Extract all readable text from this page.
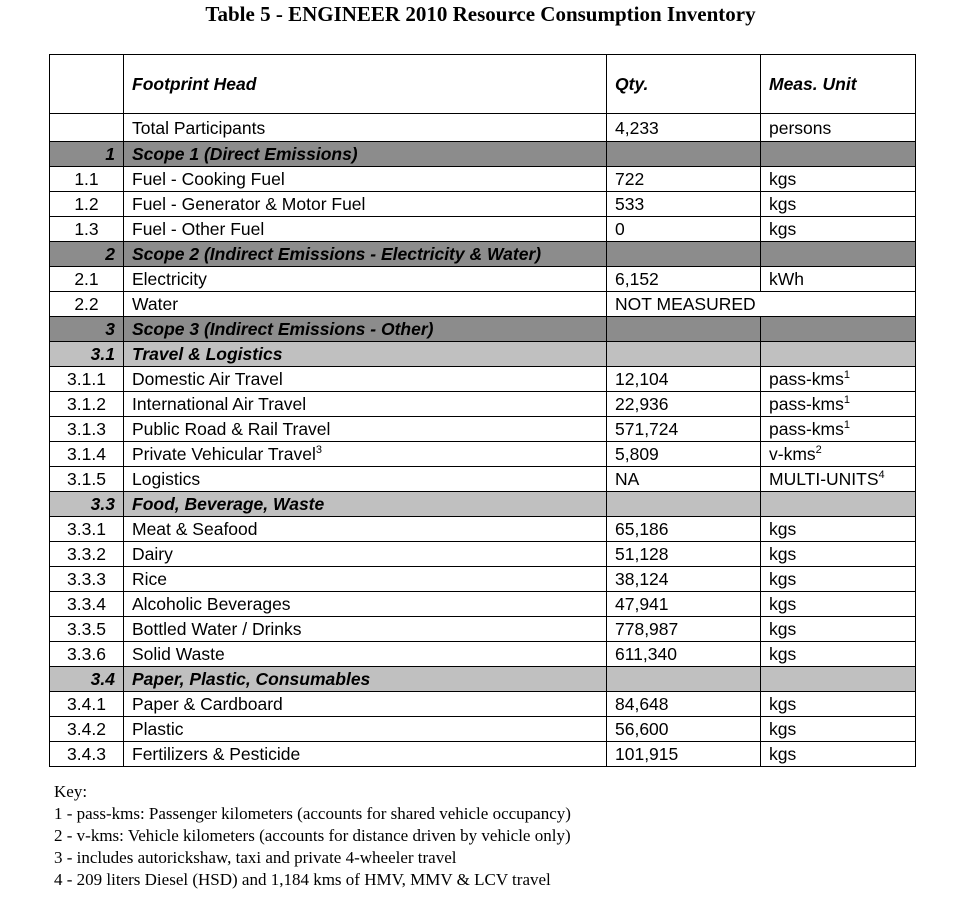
Table 5 - ENGINEER 2010 Resource Consumption Inventory
	Footprint Head	Qty.	Meas. Unit
	Total Participants	4,233	persons
1	Scope 1 (Direct Emissions)		
1.1	Fuel - Cooking Fuel	722	kgs
1.2	Fuel - Generator & Motor Fuel	533	kgs
1.3	Fuel - Other Fuel	0	kgs
2	Scope 2 (Indirect Emissions - Electricity & Water)		
2.1	Electricity	6,152	kWh
2.2	Water	NOT MEASURED	
3	Scope 3 (Indirect Emissions - Other)		
3.1	Travel & Logistics		
3.1.1	Domestic Air Travel	12,104	pass-kms$^1$
3.1.2	International Air Travel	22,936	pass-kms$^1$
3.1.3	Public Road & Rail Travel	571,724	pass-kms$^1$
3.1.4	Private Vehicular Travel$^3$	5,809	v-kms$^2$
3.1.5	Logistics	NA	MULTI-UNITS$^4$
3.3	Food, Beverage, Waste		
3.3.1	Meat & Seafood	65,186	kgs
3.3.2	Dairy	51,128	kgs
3.3.3	Rice	38,124	kgs
3.3.4	Alcoholic Beverages	47,941	kgs
3.3.5	Bottled Water / Drinks	778,987	kgs
3.3.6	Solid Waste	611,340	kgs
3.4	Paper, Plastic, Consumables		
3.4.1	Paper & Cardboard	84,648	kgs
3.4.2	Plastic	56,600	kgs
3.4.3	Fertilizers & Pesticide	101,915	kgs
Key:
1 - pass-kms: Passenger kilometers (accounts for shared vehicle occupancy)
2 - v-kms: Vehicle kilometers (accounts for distance driven by vehicle only)
3 - includes autorickshaw, taxi and private 4-wheeler travel
4 - 209 liters Diesel (HSD) and 1,184 kms of HMV, MMV & LCV travel
